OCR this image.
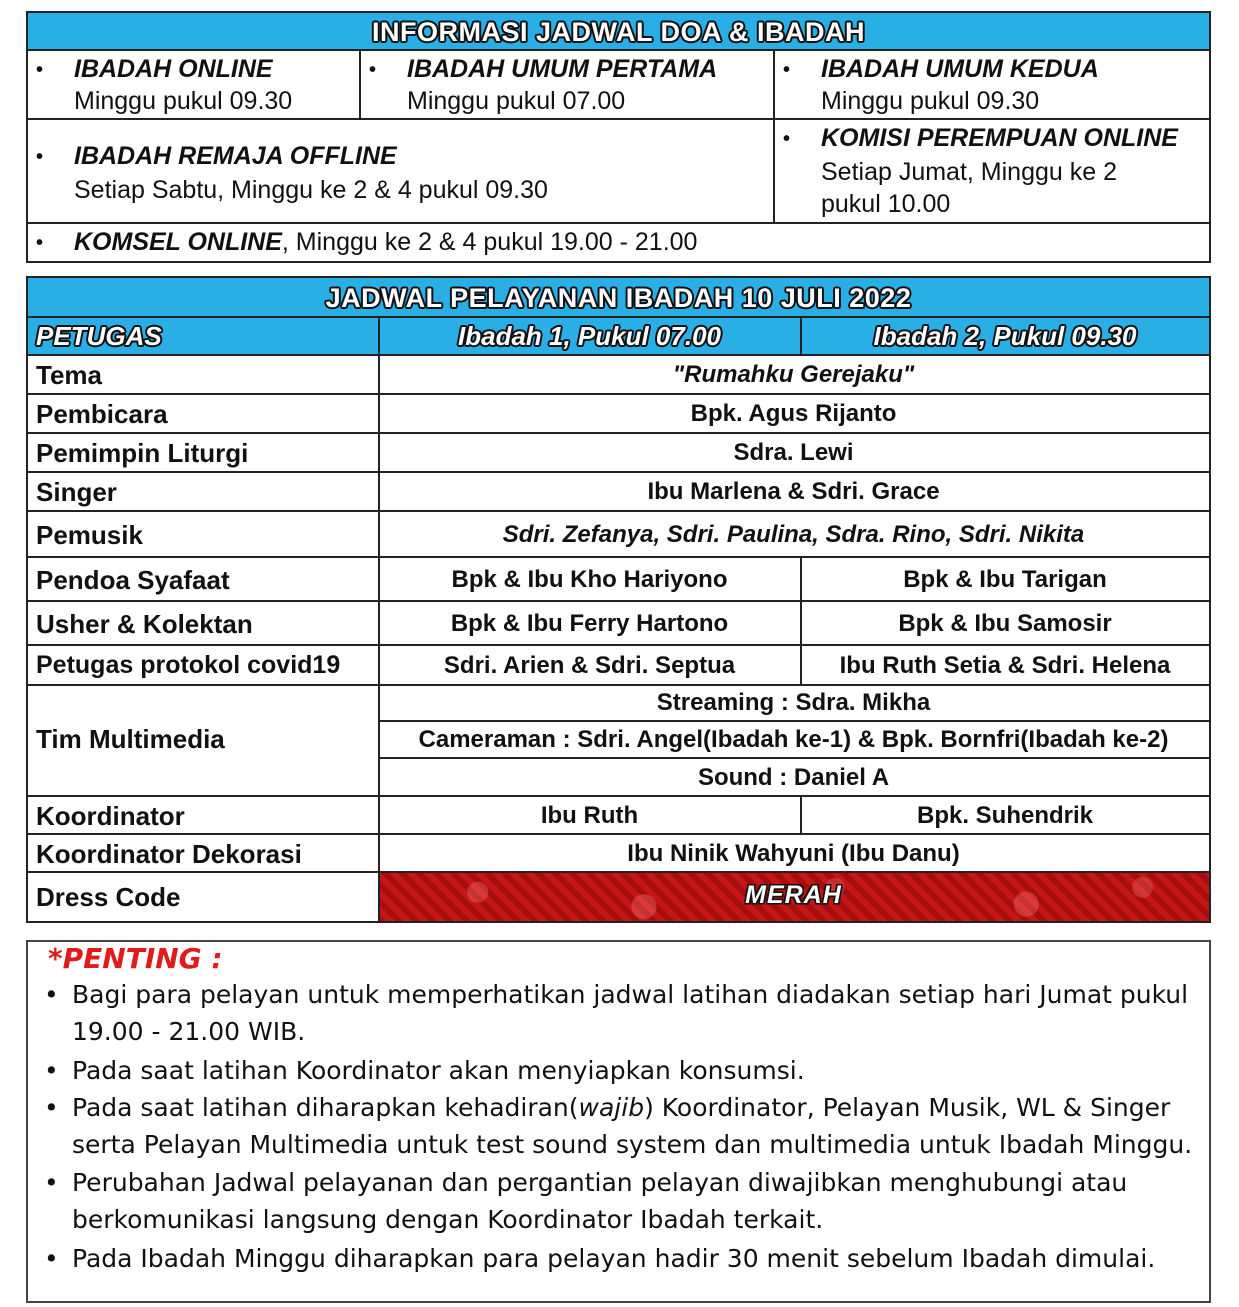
INFORMASI JADWAL DOA & IBADAH
• IBADAH ONLINE
Minggu pukul 09.30
• IBADAH UMUM PERTAMA
Minggu pukul 07.00
• IBADAH UMUM KEDUA
Minggu pukul 09.30
• IBADAH REMAJA OFFLINE
Setiap Sabtu, Minggu ke 2 & 4 pukul 09.30
• KOMISI PEREMPUAN ONLINE
Setiap Jumat, Minggu ke 2
pukul 10.00
• KOMSEL ONLINE, Minggu ke 2 & 4 pukul 19.00 - 21.00
JADWAL PELAYANAN IBADAH 10 JULI 2022
PETUGAS	Ibadah 1, Pukul 07.00	Ibadah 2, Pukul 09.30
Tema	"Rumahku Gerejaku"
Pembicara	Bpk. Agus Rijanto
Pemimpin Liturgi	Sdra. Lewi
Singer	Ibu Marlena & Sdri. Grace
Pemusik	Sdri. Zefanya, Sdri. Paulina, Sdra. Rino, Sdri. Nikita
Pendoa Syafaat	Bpk & Ibu Kho Hariyono	Bpk & Ibu Tarigan
Usher & Kolektan	Bpk & Ibu Ferry Hartono	Bpk & Ibu Samosir
Petugas protokol covid19	Sdri. Arien & Sdri. Septua	Ibu Ruth Setia & Sdri. Helena
Tim Multimedia
Streaming : Sdra. Mikha
Cameraman : Sdri. Angel(Ibadah ke-1) & Bpk. Bornfri(Ibadah ke-2)
Sound : Daniel A
Koordinator	Ibu Ruth	Bpk. Suhendrik
Koordinator Dekorasi	Ibu Ninik Wahyuni (Ibu Danu)
Dress Code	MERAH
*PENTING :
• Bagi para pelayan untuk memperhatikan jadwal latihan diadakan setiap hari Jumat pukul 19.00 - 21.00 WIB.
• Pada saat latihan Koordinator akan menyiapkan konsumsi.
• Pada saat latihan diharapkan kehadiran(wajib) Koordinator, Pelayan Musik, WL & Singer serta Pelayan Multimedia untuk test sound system dan multimedia untuk Ibadah Minggu.
• Perubahan Jadwal pelayanan dan pergantian pelayan diwajibkan menghubungi atau berkomunikasi langsung dengan Koordinator Ibadah terkait.
• Pada Ibadah Minggu diharapkan para pelayan hadir 30 menit sebelum Ibadah dimulai.
